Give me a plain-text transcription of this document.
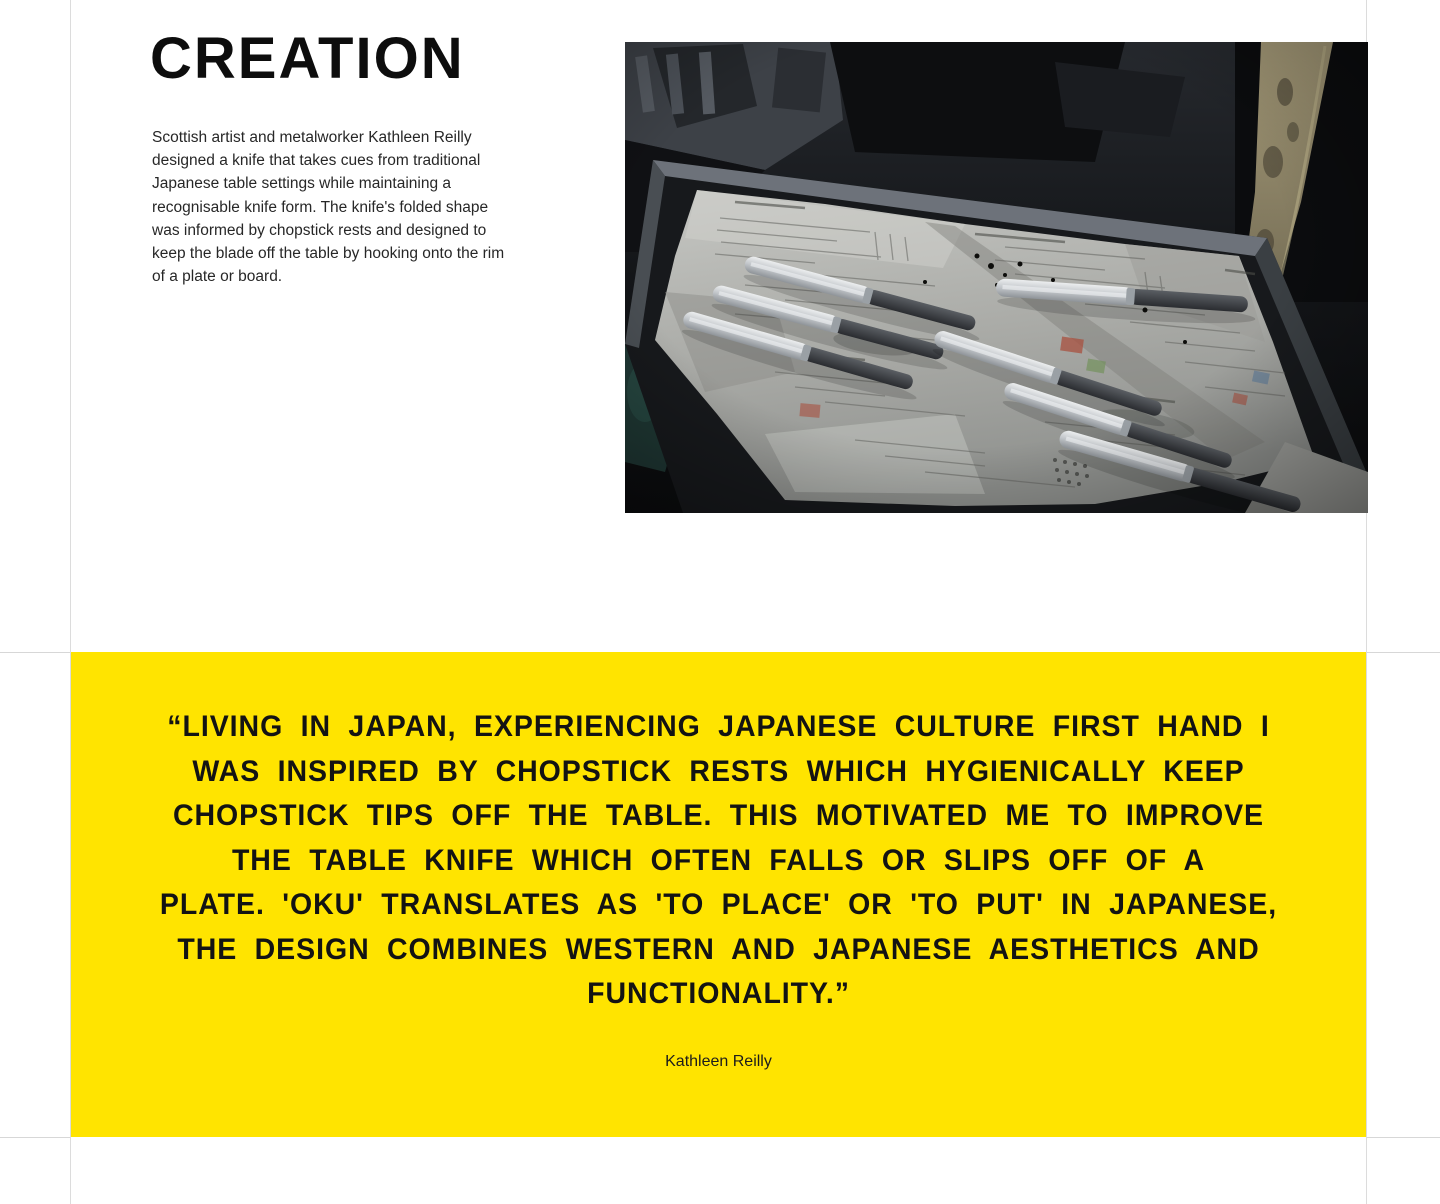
CREATION

Scottish artist and metalworker Kathleen Reilly designed a knife that takes cues from traditional Japanese table settings while maintaining a recognisable knife form. The knife's folded shape was informed by chopstick rests and designed to keep the blade off the table by hooking onto the rim of a plate or board.

“LIVING IN JAPAN, EXPERIENCING JAPANESE CULTURE FIRST HAND I
WAS INSPIRED BY CHOPSTICK RESTS WHICH HYGIENICALLY KEEP
CHOPSTICK TIPS OFF THE TABLE. THIS MOTIVATED ME TO IMPROVE
THE TABLE KNIFE WHICH OFTEN FALLS OR SLIPS OFF OF A
PLATE. 'OKU' TRANSLATES AS 'TO PLACE' OR 'TO PUT' IN JAPANESE,
THE DESIGN COMBINES WESTERN AND JAPANESE AESTHETICS AND
FUNCTIONALITY.”
Kathleen Reilly
